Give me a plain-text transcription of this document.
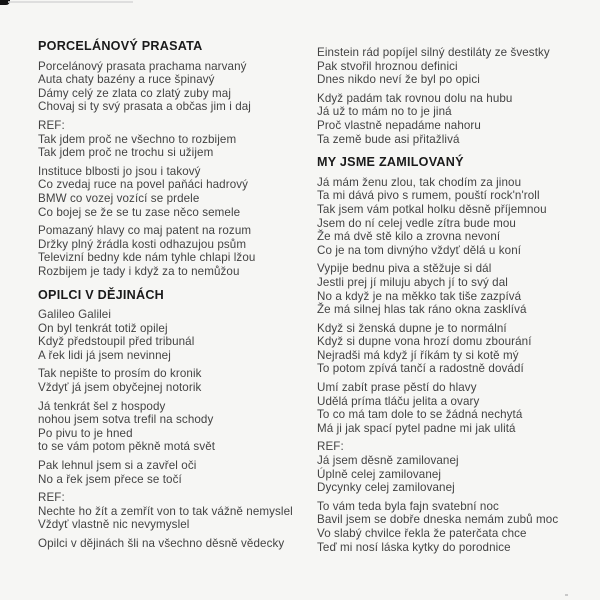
PORCELÁNOVÝ PRASATA
Porcelánový prasata prachama narvaný
Auta chaty bazény a ruce špinavý
Dámy celý ze zlata co zlatý zuby maj
Chovaj si ty svý prasata a občas jim i daj
REF:
Tak jdem proč ne všechno to rozbijem
Tak jdem proč ne trochu si užijem
Instituce blbosti jo jsou i takový
Co zvedaj ruce na povel paňáci hadrový
BMW co vozej vozící se prdele
Co bojej se že se tu zase něco semele
Pomazaný hlavy co maj patent na rozum
Držky plný žrádla kosti odhazujou psům
Televizní bedny kde nám tyhle chlapi lžou
Rozbijem je tady i když za to nemůžou
OPILCI V DĚJINÁCH
Galileo Galilei
On byl tenkrát totiž opilej
Když předstoupil před tribunál
A řek lidi já jsem nevinnej
Tak nepište to prosím do kronik
Vždyť já jsem obyčejnej notorik
Já tenkrát šel z hospody
nohou jsem sotva trefil na schody
Po pivu to je hned
to se vám potom pěkně motá svět
Pak lehnul jsem si a zavřel oči
No a řek jsem přece se točí
REF:
Nechte ho žít a zemřít von to tak vážně nemyslel
Vždyť vlastně nic nevymyslel
Opilci v dějinách šli na všechno děsně vědecky
Einstein rád popíjel silný destiláty ze švestky
Pak stvořil hroznou definici
Dnes nikdo neví že byl po opici
Když padám tak rovnou dolu na hubu
Já už to mám no to je jiná
Proč vlastně nepadáme nahoru
Ta země bude asi přitažlivá
MY JSME ZAMILOVANÝ
Já mám ženu zlou, tak chodím za jinou
Ta mi dává pivo s rumem, pouští rock'n'roll
Tak jsem vám potkal holku děsně příjemnou
Jsem do ní celej vedle zítra bude mou
Že má dvě stě kilo a zrovna nevoní
Co je na tom divnýho vždyť dělá u koní
Vypije bednu piva a stěžuje si dál
Jestli prej jí miluju abych jí to svý dal
No a když je na měkko tak tiše zazpívá
Že má silnej hlas tak ráno okna zasklívá
Když si ženská dupne je to normální
Když si dupne vona hrozí domu zbourání
Nejradši má když jí říkám ty si kotě mý
To potom zpívá tančí a radostně dovádí
Umí zabít prase pěstí do hlavy
Udělá príma tláču jelita a ovary
To co má tam dole to se žádná nechytá
Má ji jak spací pytel padne mi jak ulitá
REF:
Já jsem děsně zamilovanej
Úplně celej zamilovanej
Dycynky celej zamilovanej
To vám teda byla fajn svatební noc
Bavil jsem se dobře dneska nemám zubů moc
Vo slabý chvilce řekla že paterčata chce
Teď mi nosí láska kytky do porodnice
